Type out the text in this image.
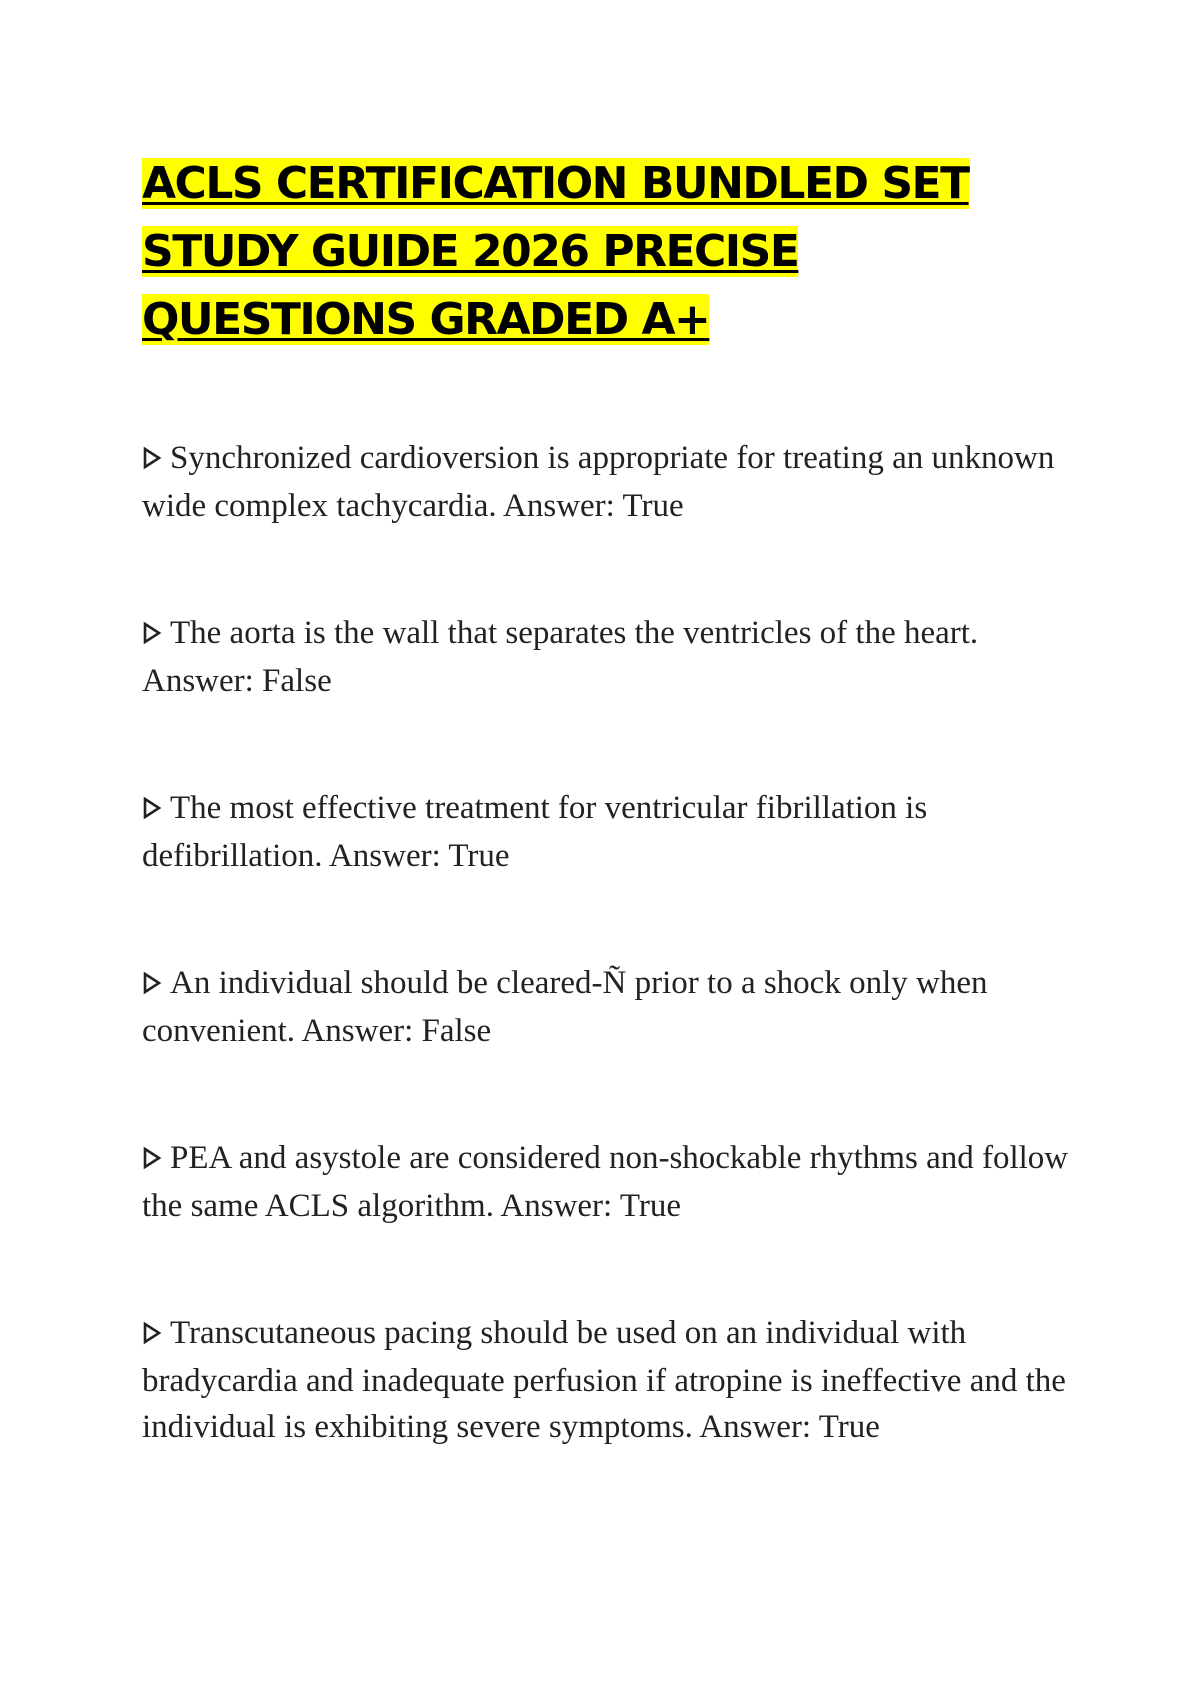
ACLS CERTIFICATION BUNDLED SET STUDY GUIDE 2026 PRECISE QUESTIONS GRADED A+
Synchronized cardioversion is appropriate for treating an unknown wide complex tachycardia. Answer: True
The aorta is the wall that separates the ventricles of the heart. Answer: False
The most effective treatment for ventricular fibrillation is defibrillation. Answer: True
An individual should be cleared-Ñ prior to a shock only when convenient. Answer: False
PEA and asystole are considered non-shockable rhythms and follow the same ACLS algorithm. Answer: True
Transcutaneous pacing should be used on an individual with bradycardia and inadequate perfusion if atropine is ineffective and the individual is exhibiting severe symptoms. Answer: True
